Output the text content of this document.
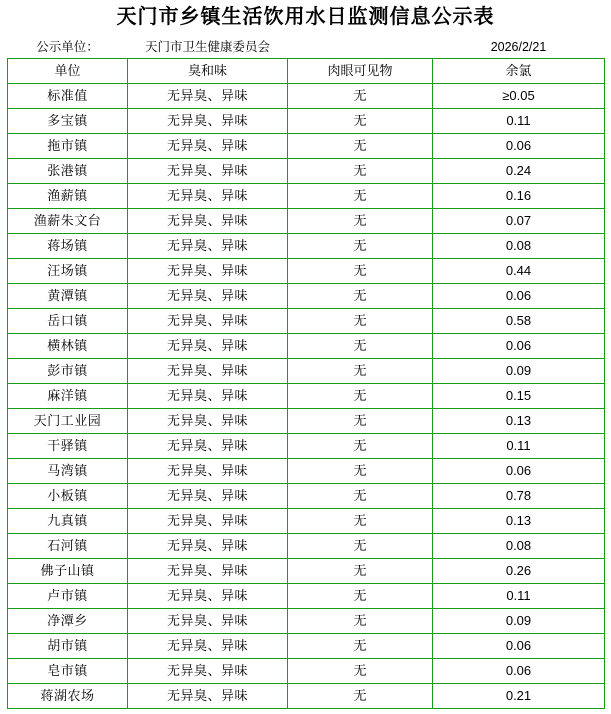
天门市乡镇生活饮用水日监测信息公示表
公示单位：	天门市卫生健康委员会		2026/2/21
单位	臭和味	肉眼可见物	余氯
标准值	无异臭、异味	无	≥0.05
多宝镇	无异臭、异味	无	0.11
拖市镇	无异臭、异味	无	0.06
张港镇	无异臭、异味	无	0.24
渔薪镇	无异臭、异味	无	0.16
渔薪朱文台	无异臭、异味	无	0.07
蒋场镇	无异臭、异味	无	0.08
汪场镇	无异臭、异味	无	0.44
黄潭镇	无异臭、异味	无	0.06
岳口镇	无异臭、异味	无	0.58
横林镇	无异臭、异味	无	0.06
彭市镇	无异臭、异味	无	0.09
麻洋镇	无异臭、异味	无	0.15
天门工业园	无异臭、异味	无	0.13
干驿镇	无异臭、异味	无	0.11
马湾镇	无异臭、异味	无	0.06
小板镇	无异臭、异味	无	0.78
九真镇	无异臭、异味	无	0.13
石河镇	无异臭、异味	无	0.08
佛子山镇	无异臭、异味	无	0.26
卢市镇	无异臭、异味	无	0.11
净潭乡	无异臭、异味	无	0.09
胡市镇	无异臭、异味	无	0.06
皂市镇	无异臭、异味	无	0.06
蒋湖农场	无异臭、异味	无	0.21
